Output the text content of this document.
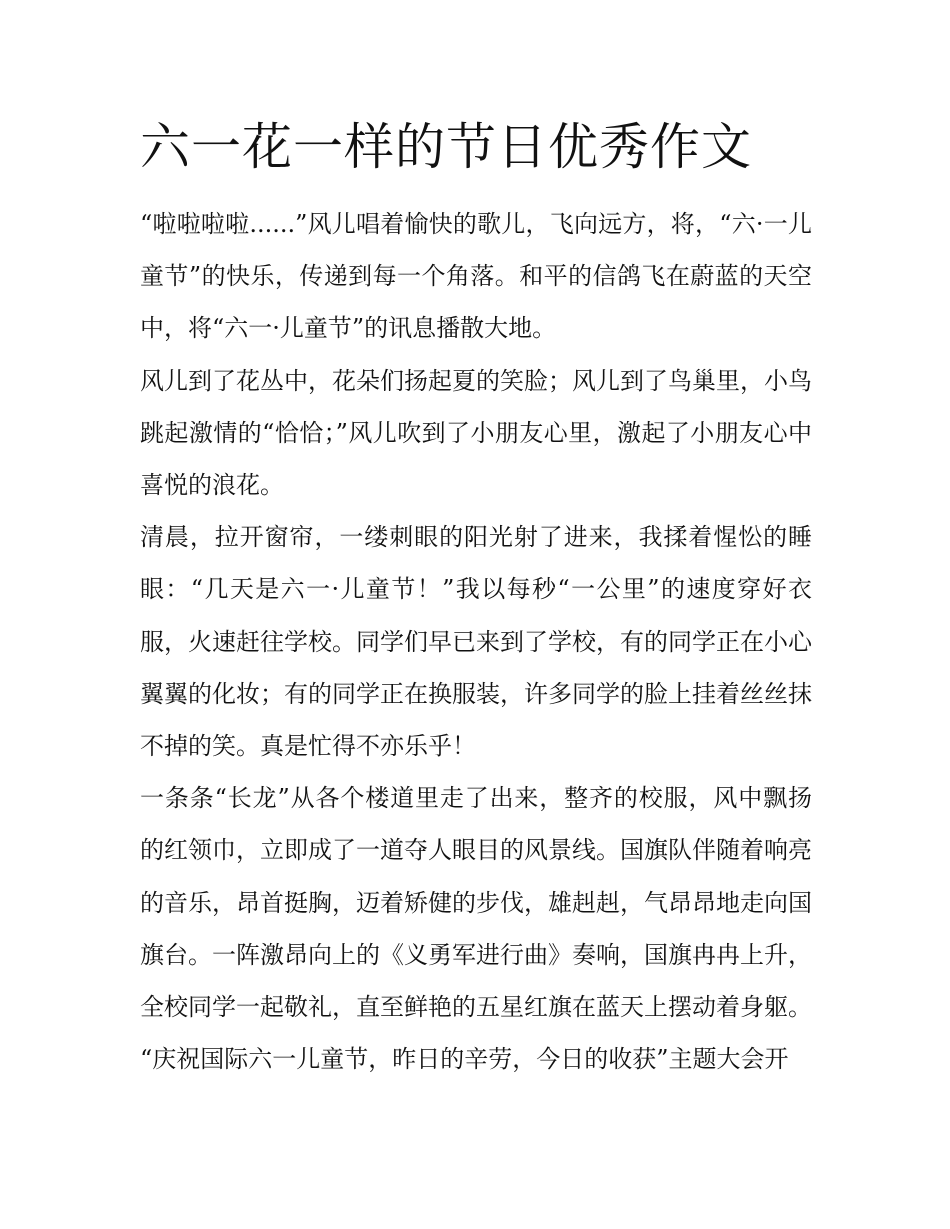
六一花一样的节日优秀作文

“啦啦啦啦......”风儿唱着愉快的歌儿，飞向远方，将，“六·一儿童节”的快乐，传递到每一个角落。和平的信鸽飞在蔚蓝的天空中，将“六一·儿童节”的讯息播散大地。

风儿到了花丛中，花朵们扬起夏的笑脸；风儿到了鸟巢里，小鸟跳起激情的“恰恰；”风儿吹到了小朋友心里，激起了小朋友心中喜悦的浪花。

清晨，拉开窗帘，一缕刺眼的阳光射了进来，我揉着惺忪的睡眼：“几天是六一·儿童节！”我以每秒“一公里”的速度穿好衣服，火速赶往学校。同学们早已来到了学校，有的同学正在小心翼翼的化妆；有的同学正在换服装，许多同学的脸上挂着丝丝抹不掉的笑。真是忙得不亦乐乎！

一条条“长龙”从各个楼道里走了出来，整齐的校服，风中飘扬的红领巾，立即成了一道夺人眼目的风景线。国旗队伴随着响亮的音乐，昂首挺胸，迈着矫健的步伐，雄赳赳，气昂昂地走向国旗台。一阵激昂向上的《义勇军进行曲》奏响，国旗冉冉上升，全校同学一起敬礼，直至鲜艳的五星红旗在蓝天上摆动着身躯。

“庆祝国际六一儿童节，昨日的辛劳，今日的收获”主题大会开
